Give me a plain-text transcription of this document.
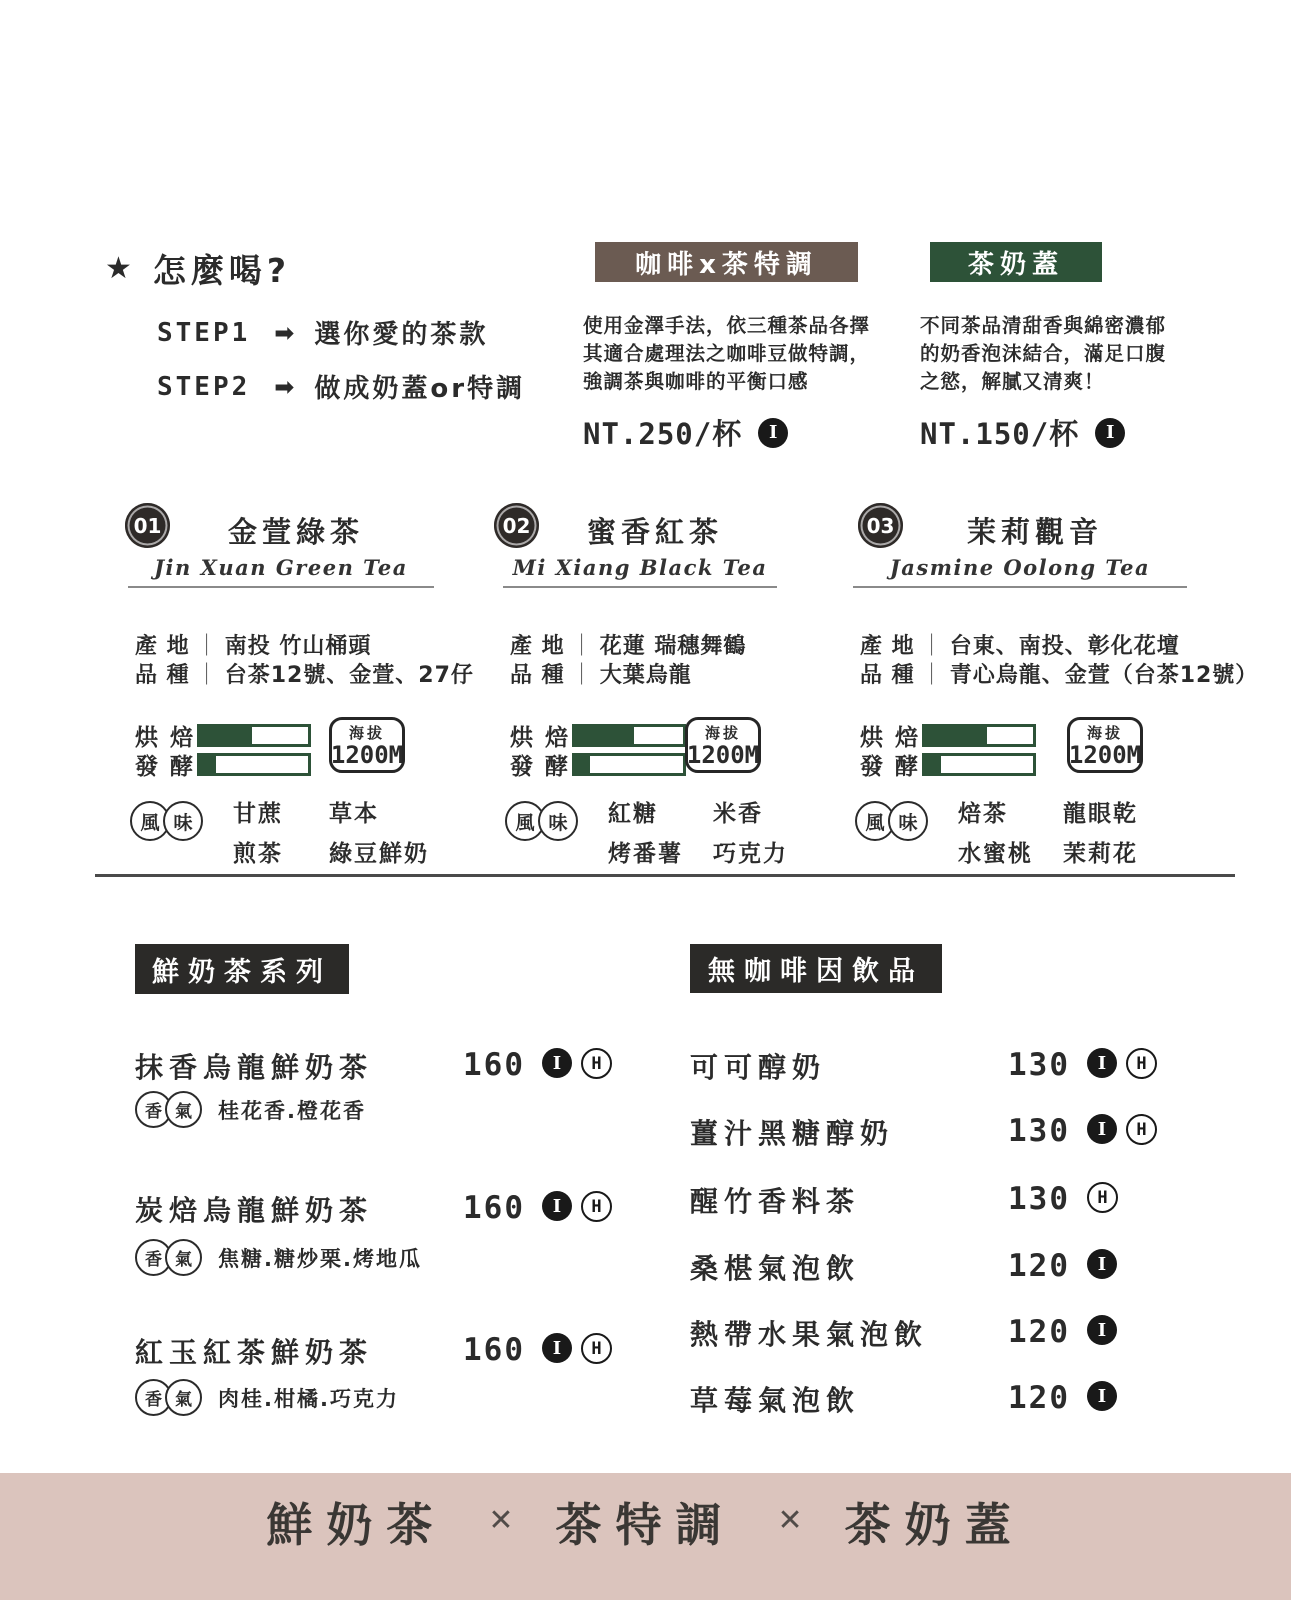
★ 怎麼喝?
STEP1 ➡ 選你愛的茶款
STEP2 ➡ 做成奶蓋or特調
咖啡x茶特調
使用金澤手法，依三種茶品各擇
其適合處理法之咖啡豆做特調，
強調茶與咖啡的平衡口感
NT.250/杯	I
茶奶蓋
不同茶品清甜香與綿密濃郁
的奶香泡沫結合，滿足口腹
之慾，解膩又清爽！
NT.150/杯	I
01	金萱綠茶
Jin Xuan Green Tea
產 地 ｜ 南投 竹山桶頭
品 種 ｜ 台茶12號、金萱、27仔
烘 焙
發 酵
海拔
1200M
風 味	甘蔗
煎茶
草本
綠豆鮮奶
02	蜜香紅茶
Mi Xiang Black Tea
產 地 ｜ 花蓮 瑞穗舞鶴
品 種 ｜ 大葉烏龍
烘 焙
發 酵
海拔
1200M
風 味	紅糖
烤番薯
米香
巧克力
03	茉莉觀音
Jasmine Oolong Tea
產 地 ｜ 台東、南投、彰化花壇
品 種 ｜ 青心烏龍、金萱（台茶12號）
烘 焙
發 酵
海拔
1200M
風 味	焙茶
水蜜桃
龍眼乾
茉莉花
鮮奶茶系列
抹香烏龍鮮奶茶	160	I	H
香 氣	桂花香.橙花香
炭焙烏龍鮮奶茶	160	I	H
香 氣	焦糖.糖炒栗.烤地瓜
紅玉紅茶鮮奶茶	160	I	H
香 氣	肉桂.柑橘.巧克力
無咖啡因飲品
可可醇奶	130	I	H
薑汁黑糖醇奶	130	I	H
醒竹香料茶	130	H
桑椹氣泡飲	120	I
熱帶水果氣泡飲	120	I
草莓氣泡飲	120	I
鮮奶茶 ✕ 茶特調 ✕ 茶奶蓋
